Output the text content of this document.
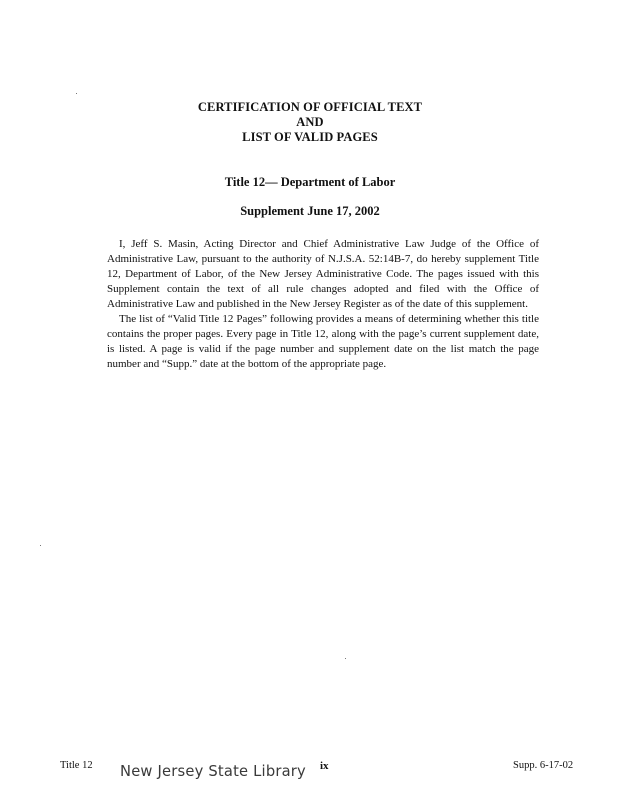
CERTIFICATION OF OFFICIAL TEXT
AND
LIST OF VALID PAGES
Title 12— Department of Labor
Supplement June 17, 2002

I, Jeff S. Masin, Acting Director and Chief Administrative Law Judge of the Office of Administrative Law, pursuant to the authority of N.J.S.A. 52:14B-7, do hereby supplement Title 12, Department of Labor, of the New Jersey Administrative Code. The pages issued with this Supplement contain the text of all rule changes adopted and filed with the Office of Administrative Law and published in the New Jersey Register as of the date of this supplement.

The list of “Valid Title 12 Pages” following provides a means of determining whether this title contains the proper pages. Every page in Title 12, along with the page’s current supplement date, is listed. A page is valid if the page number and supplement date on the list match the page number and “Supp.” date at the bottom of the appropriate page.

Title 12 New Jersey State Library ix	Supp. 6-17-02
